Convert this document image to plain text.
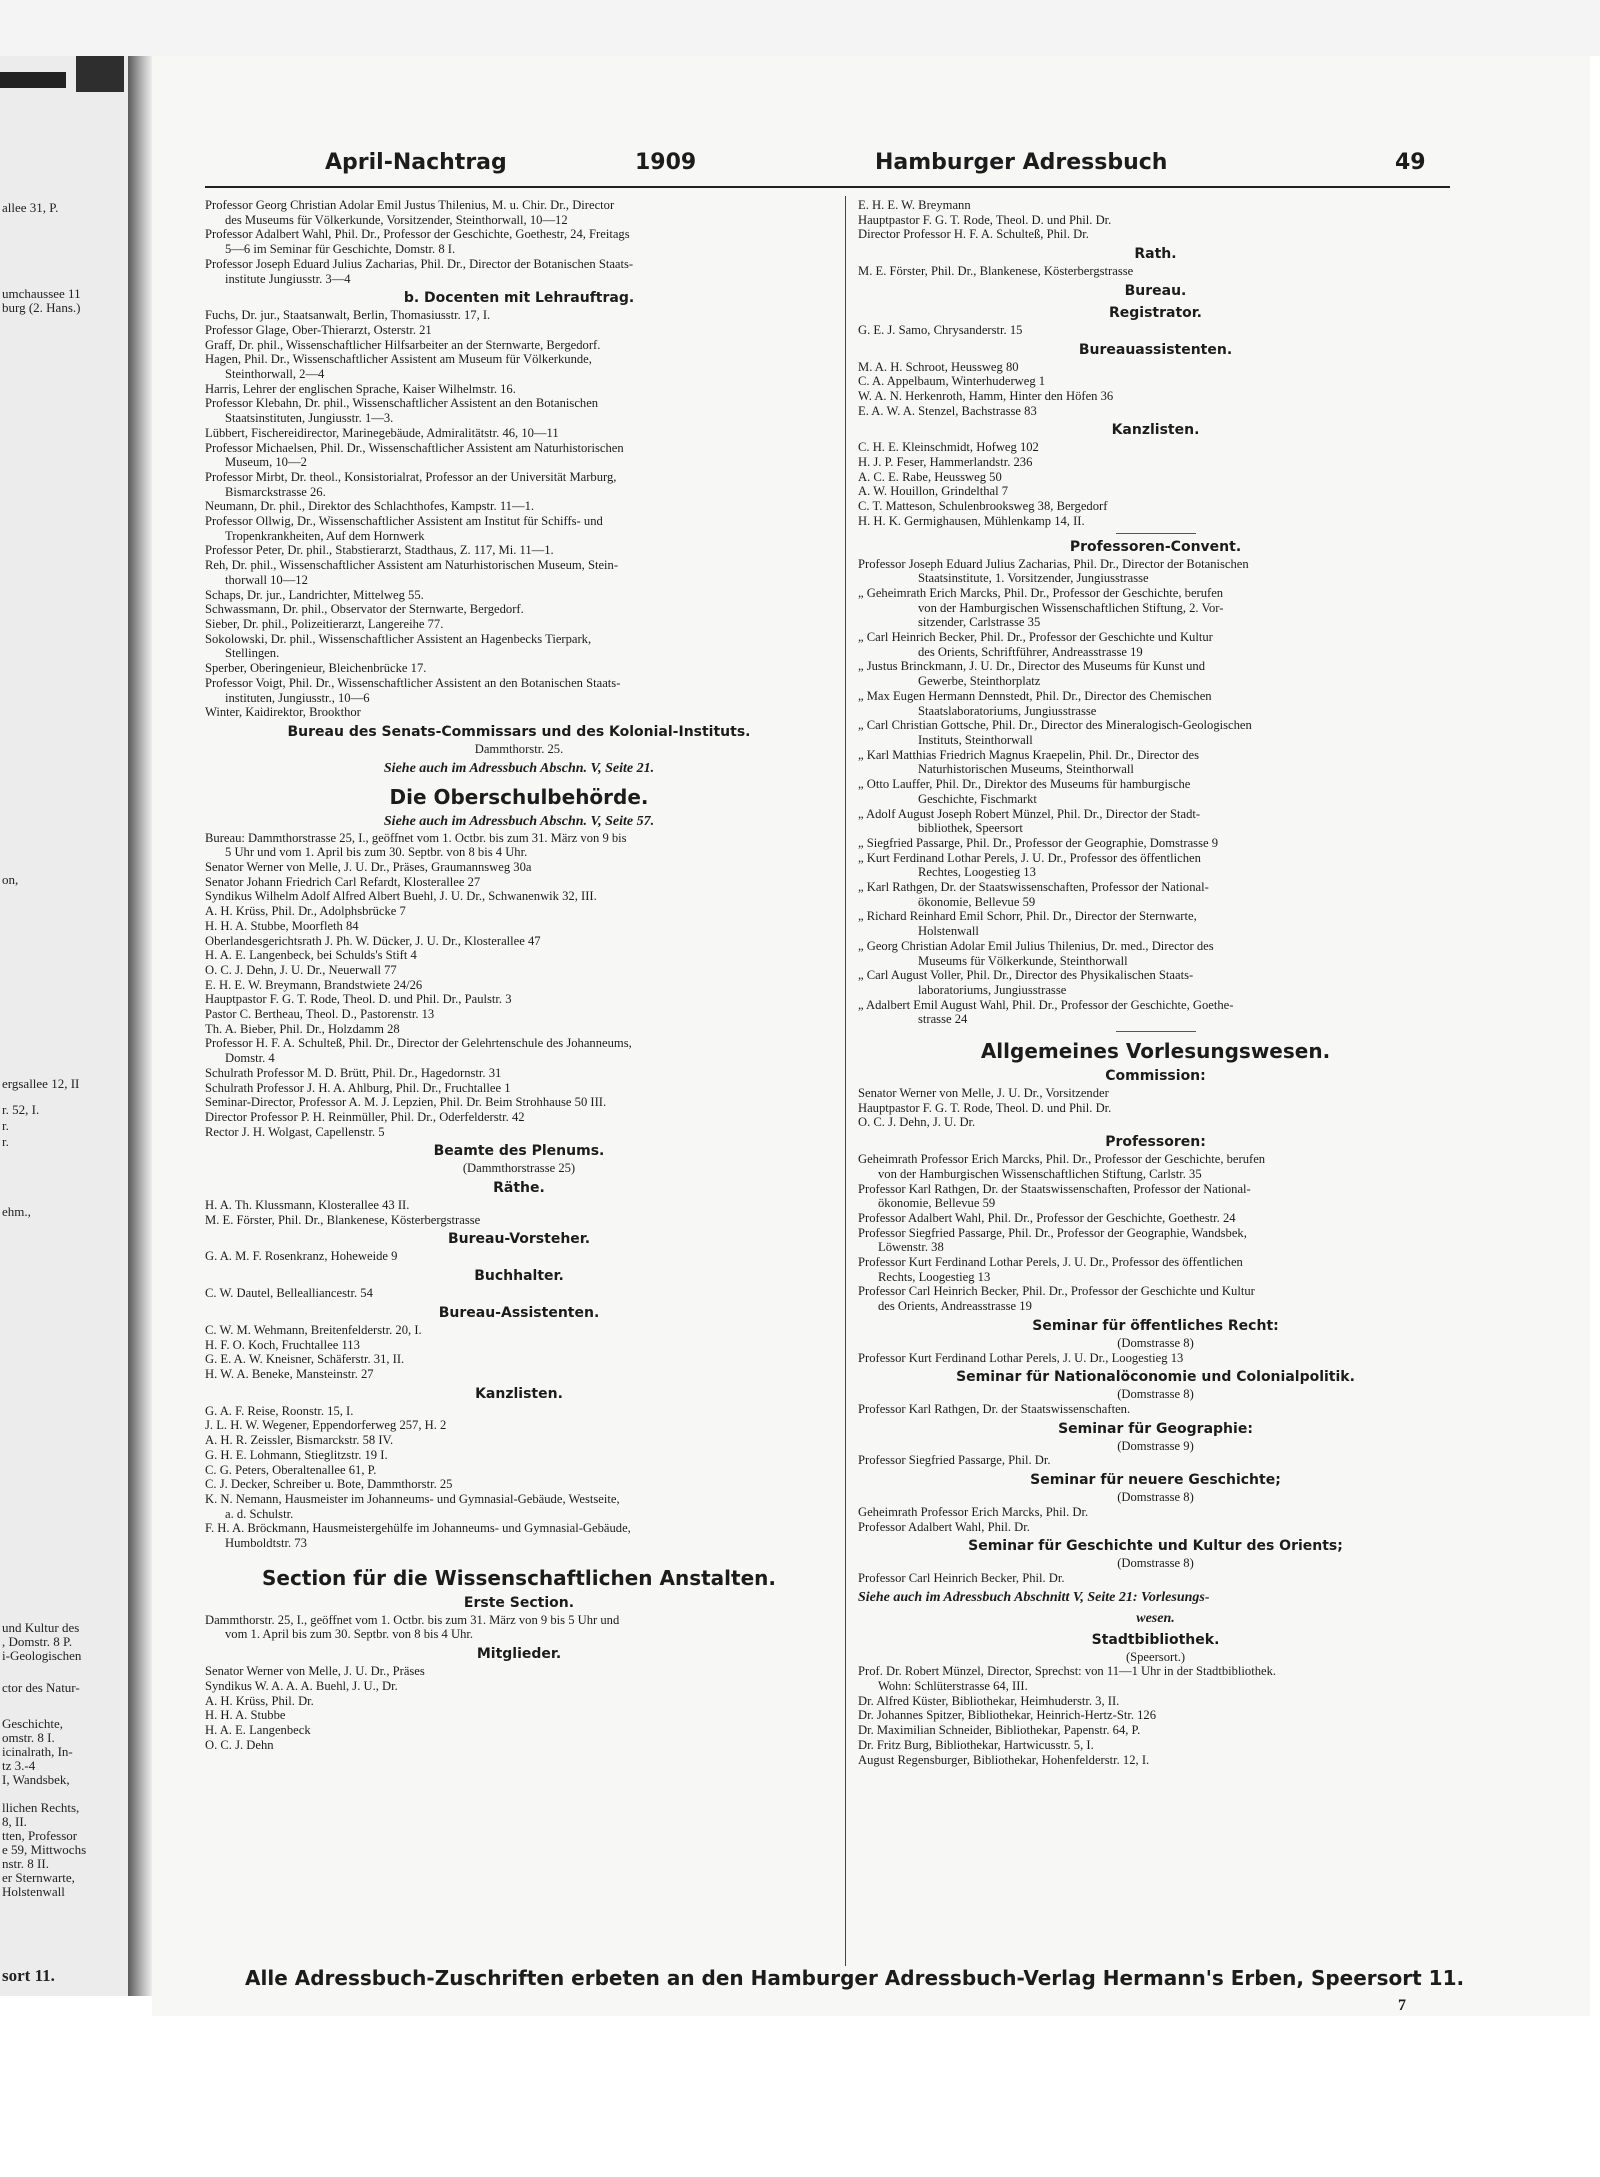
allee 31, P.
umchaussee 11
burg (2. Hans.)
on,
ergsallee 12, II
r. 52, I.
r.
r.
ehm.,
und Kultur des
, Domstr. 8 P.
i-Geologischen
ctor des Natur-
Geschichte,
omstr. 8 I.
icinalrath, In-
tz 3.-4
I, Wandsbek,
llichen Rechts,
8, II.
tten, Professor
e 59, Mittwochs
nstr. 8 II.
er Sternwarte,
Holstenwall
sort 11.
April-Nachtrag	1909	Hamburger Adressbuch	49
Professor Georg Christian Adolar Emil Justus Thilenius, M. u. Chir. Dr., Director
des Museums für Völkerkunde, Vorsitzender, Steinthorwall, 10—12
Professor Adalbert Wahl, Phil. Dr., Professor der Geschichte, Goethestr, 24, Freitags
5—6 im Seminar für Geschichte, Domstr. 8 I.
Professor Joseph Eduard Julius Zacharias, Phil. Dr., Director der Botanischen Staats-
institute Jungiusstr. 3—4
b. Docenten mit Lehrauftrag.
Fuchs, Dr. jur., Staatsanwalt, Berlin, Thomasiusstr. 17, I.
Professor Glage, Ober-Thierarzt, Osterstr. 21
Graff, Dr. phil., Wissenschaftlicher Hilfsarbeiter an der Sternwarte, Bergedorf.
Hagen, Phil. Dr., Wissenschaftlicher Assistent am Museum für Völkerkunde,
Steinthorwall, 2—4
Harris, Lehrer der englischen Sprache, Kaiser Wilhelmstr. 16.
Professor Klebahn, Dr. phil., Wissenschaftlicher Assistent an den Botanischen
Staatsinstituten, Jungiusstr. 1—3.
Lübbert, Fischereidirector, Marinegebäude, Admiralitätstr. 46, 10—11
Professor Michaelsen, Phil. Dr., Wissenschaftlicher Assistent am Naturhistorischen
Museum, 10—2
Professor Mirbt, Dr. theol., Konsistorialrat, Professor an der Universität Marburg,
Bismarckstrasse 26.
Neumann, Dr. phil., Direktor des Schlachthofes, Kampstr. 11—1.
Professor Ollwig, Dr., Wissenschaftlicher Assistent am Institut für Schiffs- und
Tropenkrankheiten, Auf dem Hornwerk
Professor Peter, Dr. phil., Stabstierarzt, Stadthaus, Z. 117, Mi. 11—1.
Reh, Dr. phil., Wissenschaftlicher Assistent am Naturhistorischen Museum, Stein-
thorwall 10—12
Schaps, Dr. jur., Landrichter, Mittelweg 55.
Schwassmann, Dr. phil., Observator der Sternwarte, Bergedorf.
Sieber, Dr. phil., Polizeitierarzt, Langereihe 77.
Sokolowski, Dr. phil., Wissenschaftlicher Assistent an Hagenbecks Tierpark,
Stellingen.
Sperber, Oberingenieur, Bleichenbrücke 17.
Professor Voigt, Phil. Dr., Wissenschaftlicher Assistent an den Botanischen Staats-
instituten, Jungiusstr., 10—6
Winter, Kaidirektor, Brookthor
Bureau des Senats-Commissars und des Kolonial-Instituts.
Dammthorstr. 25.
Siehe auch im Adressbuch Abschn. V, Seite 21.
Die Oberschulbehörde.
Siehe auch im Adressbuch Abschn. V, Seite 57.
Bureau: Dammthorstrasse 25, I., geöffnet vom 1. Octbr. bis zum 31. März von 9 bis
5 Uhr und vom 1. April bis zum 30. Septbr. von 8 bis 4 Uhr.
Senator Werner von Melle, J. U. Dr., Präses, Graumannsweg 30a
Senator Johann Friedrich Carl Refardt, Klosterallee 27
Syndikus Wilhelm Adolf Alfred Albert Buehl, J. U. Dr., Schwanenwik 32, III.
A. H. Krüss, Phil. Dr., Adolphsbrücke 7
H. H. A. Stubbe, Moorfleth 84
Oberlandesgerichtsrath J. Ph. W. Dücker, J. U. Dr., Klosterallee 47
H. A. E. Langenbeck, bei Schulds's Stift 4
O. C. J. Dehn, J. U. Dr., Neuerwall 77
E. H. E. W. Breymann, Brandstwiete 24/26
Hauptpastor F. G. T. Rode, Theol. D. und Phil. Dr., Paulstr. 3
Pastor C. Bertheau, Theol. D., Pastorenstr. 13
Th. A. Bieber, Phil. Dr., Holzdamm 28
Professor H. F. A. Schulteß, Phil. Dr., Director der Gelehrtenschule des Johanneums,
Domstr. 4
Schulrath Professor M. D. Brütt, Phil. Dr., Hagedornstr. 31
Schulrath Professor J. H. A. Ahlburg, Phil. Dr., Fruchtallee 1
Seminar-Director, Professor A. M. J. Lepzien, Phil. Dr. Beim Strohhause 50 III.
Director Professor P. H. Reinmüller, Phil. Dr., Oderfelderstr. 42
Rector J. H. Wolgast, Capellenstr. 5
Beamte des Plenums.
(Dammthorstrasse 25)
Räthe.
H. A. Th. Klussmann, Klosterallee 43 II.
M. E. Förster, Phil. Dr., Blankenese, Kösterbergstrasse
Bureau-Vorsteher.
G. A. M. F. Rosenkranz, Hoheweide 9
Buchhalter.
C. W. Dautel, Bellealliancestr. 54
Bureau-Assistenten.
C. W. M. Wehmann, Breitenfelderstr. 20, I.
H. F. O. Koch, Fruchtallee 113
G. E. A. W. Kneisner, Schäferstr. 31, II.
H. W. A. Beneke, Mansteinstr. 27
Kanzlisten.
G. A. F. Reise, Roonstr. 15, I.
J. L. H. W. Wegener, Eppendorferweg 257, H. 2
A. H. R. Zeissler, Bismarckstr. 58 IV.
G. H. E. Lohmann, Stieglitzstr. 19 I.
C. G. Peters, Oberaltenallee 61, P.
C. J. Decker, Schreiber u. Bote, Dammthorstr. 25
K. N. Nemann, Hausmeister im Johanneums- und Gymnasial-Gebäude, Westseite,
a. d. Schulstr.
F. H. A. Bröckmann, Hausmeistergehülfe im Johanneums- und Gymnasial-Gebäude,
Humboldtstr. 73
Section für die Wissenschaftlichen Anstalten.
Erste Section.
Dammthorstr. 25, I., geöffnet vom 1. Octbr. bis zum 31. März von 9 bis 5 Uhr und
vom 1. April bis zum 30. Septbr. von 8 bis 4 Uhr.
Mitglieder.
Senator Werner von Melle, J. U. Dr., Präses
Syndikus W. A. A. A. Buehl, J. U., Dr.
A. H. Krüss, Phil. Dr.
H. H. A. Stubbe
H. A. E. Langenbeck
O. C. J. Dehn
E. H. E. W. Breymann
Hauptpastor F. G. T. Rode, Theol. D. und Phil. Dr.
Director Professor H. F. A. Schulteß, Phil. Dr.
Rath.
M. E. Förster, Phil. Dr., Blankenese, Kösterbergstrasse
Bureau.
Registrator.
G. E. J. Samo, Chrysanderstr. 15
Bureauassistenten.
M. A. H. Schroot, Heussweg 80
C. A. Appelbaum, Winterhuderweg 1
W. A. N. Herkenroth, Hamm, Hinter den Höfen 36
E. A. W. A. Stenzel, Bachstrasse 83
Kanzlisten.
C. H. E. Kleinschmidt, Hofweg 102
H. J. P. Feser, Hammerlandstr. 236
A. C. E. Rabe, Heussweg 50
A. W. Houillon, Grindelthal 7
C. T. Matteson, Schulenbrooksweg 38, Bergedorf
H. H. K. Germighausen, Mühlenkamp 14, II.
Professoren-Convent.
Professor Joseph Eduard Julius Zacharias, Phil. Dr., Director der Botanischen
Staatsinstitute, 1. Vorsitzender, Jungiusstrasse
„ Geheimrath Erich Marcks, Phil. Dr., Professor der Geschichte, berufen
von der Hamburgischen Wissenschaftlichen Stiftung, 2. Vor-
sitzender, Carlstrasse 35
„ Carl Heinrich Becker, Phil. Dr., Professor der Geschichte und Kultur
des Orients, Schriftführer, Andreasstrasse 19
„ Justus Brinckmann, J. U. Dr., Director des Museums für Kunst und
Gewerbe, Steinthorplatz
„ Max Eugen Hermann Dennstedt, Phil. Dr., Director des Chemischen
Staatslaboratoriums, Jungiusstrasse
„ Carl Christian Gottsche, Phil. Dr., Director des Mineralogisch-Geologischen
Instituts, Steinthorwall
„ Karl Matthias Friedrich Magnus Kraepelin, Phil. Dr., Director des
Naturhistorischen Museums, Steinthorwall
„ Otto Lauffer, Phil. Dr., Direktor des Museums für hamburgische
Geschichte, Fischmarkt
„ Adolf August Joseph Robert Münzel, Phil. Dr., Director der Stadt-
bibliothek, Speersort
„ Siegfried Passarge, Phil. Dr., Professor der Geographie, Domstrasse 9
„ Kurt Ferdinand Lothar Perels, J. U. Dr., Professor des öffentlichen
Rechtes, Loogestieg 13
„ Karl Rathgen, Dr. der Staatswissenschaften, Professor der National-
ökonomie, Bellevue 59
„ Richard Reinhard Emil Schorr, Phil. Dr., Director der Sternwarte,
Holstenwall
„ Georg Christian Adolar Emil Julius Thilenius, Dr. med., Director des
Museums für Völkerkunde, Steinthorwall
„ Carl August Voller, Phil. Dr., Director des Physikalischen Staats-
laboratoriums, Jungiusstrasse
„ Adalbert Emil August Wahl, Phil. Dr., Professor der Geschichte, Goethe-
strasse 24
Allgemeines Vorlesungswesen.
Commission:
Senator Werner von Melle, J. U. Dr., Vorsitzender
Hauptpastor F. G. T. Rode, Theol. D. und Phil. Dr.
O. C. J. Dehn, J. U. Dr.
Professoren:
Geheimrath Professor Erich Marcks, Phil. Dr., Professor der Geschichte, berufen
von der Hamburgischen Wissenschaftlichen Stiftung, Carlstr. 35
Professor Karl Rathgen, Dr. der Staatswissenschaften, Professor der National-
ökonomie, Bellevue 59
Professor Adalbert Wahl, Phil. Dr., Professor der Geschichte, Goethestr. 24
Professor Siegfried Passarge, Phil. Dr., Professor der Geographie, Wandsbek,
Löwenstr. 38
Professor Kurt Ferdinand Lothar Perels, J. U. Dr., Professor des öffentlichen
Rechts, Loogestieg 13
Professor Carl Heinrich Becker, Phil. Dr., Professor der Geschichte und Kultur
des Orients, Andreasstrasse 19
Seminar für öffentliches Recht:
(Domstrasse 8)
Professor Kurt Ferdinand Lothar Perels, J. U. Dr., Loogestieg 13
Seminar für Nationalöconomie und Colonialpolitik.
(Domstrasse 8)
Professor Karl Rathgen, Dr. der Staatswissenschaften.
Seminar für Geographie:
(Domstrasse 9)
Professor Siegfried Passarge, Phil. Dr.
Seminar für neuere Geschichte;
(Domstrasse 8)
Geheimrath Professor Erich Marcks, Phil. Dr.
Professor Adalbert Wahl, Phil. Dr.
Seminar für Geschichte und Kultur des Orients;
(Domstrasse 8)
Professor Carl Heinrich Becker, Phil. Dr.
Siehe auch im Adressbuch Abschnitt V, Seite 21: Vorlesungs-
wesen.
Stadtbibliothek.
(Speersort.)
Prof. Dr. Robert Münzel, Director, Sprechst: von 11—1 Uhr in der Stadtbibliothek.
Wohn: Schlüterstrasse 64, III.
Dr. Alfred Küster, Bibliothekar, Heimhuderstr. 3, II.
Dr. Johannes Spitzer, Bibliothekar, Heinrich-Hertz-Str. 126
Dr. Maximilian Schneider, Bibliothekar, Papenstr. 64, P.
Dr. Fritz Burg, Bibliothekar, Hartwicusstr. 5, I.
August Regensburger, Bibliothekar, Hohenfelderstr. 12, I.
Alle Adressbuch-Zuschriften erbeten an den Hamburger Adressbuch-Verlag Hermann's Erben, Speersort 11.
7
